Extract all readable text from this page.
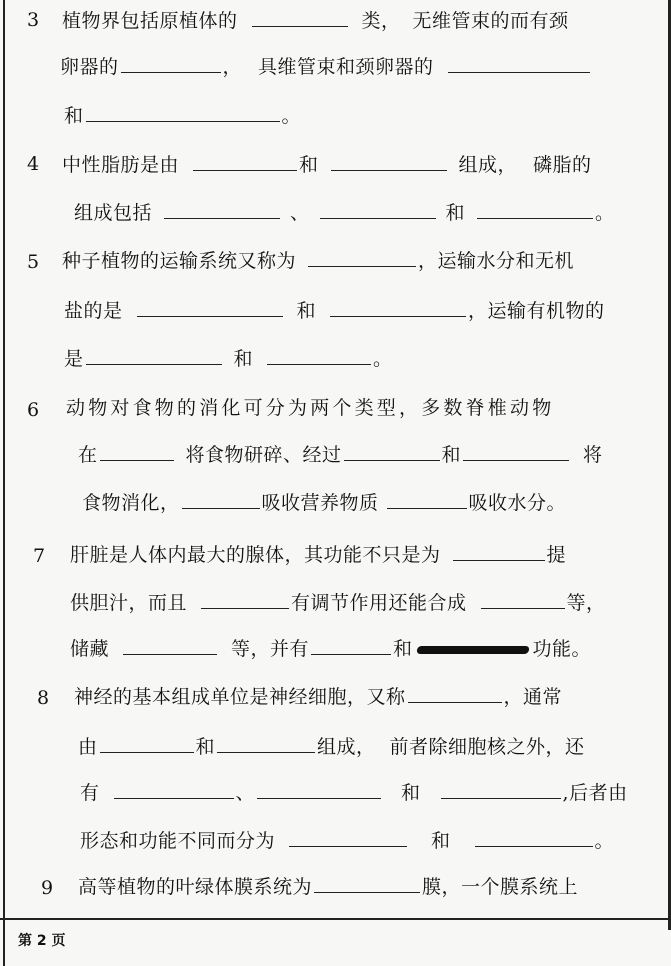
3 植物界包括原植体的	类， 无维管束的而有颈
卵器的	， 具维管束和颈卵器的
和	。
4 中性脂肪是由	和	组成， 磷脂的
组成包括	、	和	。
5 种子植物的运输系统又称为	，运输水分和无机
盐的是	和	，运输有机物的
是	和	。
6 动物对食物的消化可分为两个类型，多数脊椎动物
在	将食物研碎、经过	和	将
食物消化，	吸收营养物质	吸收水分。
7 肝脏是人体内最大的腺体，其功能不只是为	提
供胆汁，而且	有调节作用还能合成	等，
储藏	等，并有	和	功能。
8 神经的基本组成单位是神经细胞，又称	，通常
由	和	组成， 前者除细胞核之外，还
有	、	和	,后者由
形态和功能不同而分为	和	。
9 高等植物的叶绿体膜系统为	膜，一个膜系统上
第 2 页
